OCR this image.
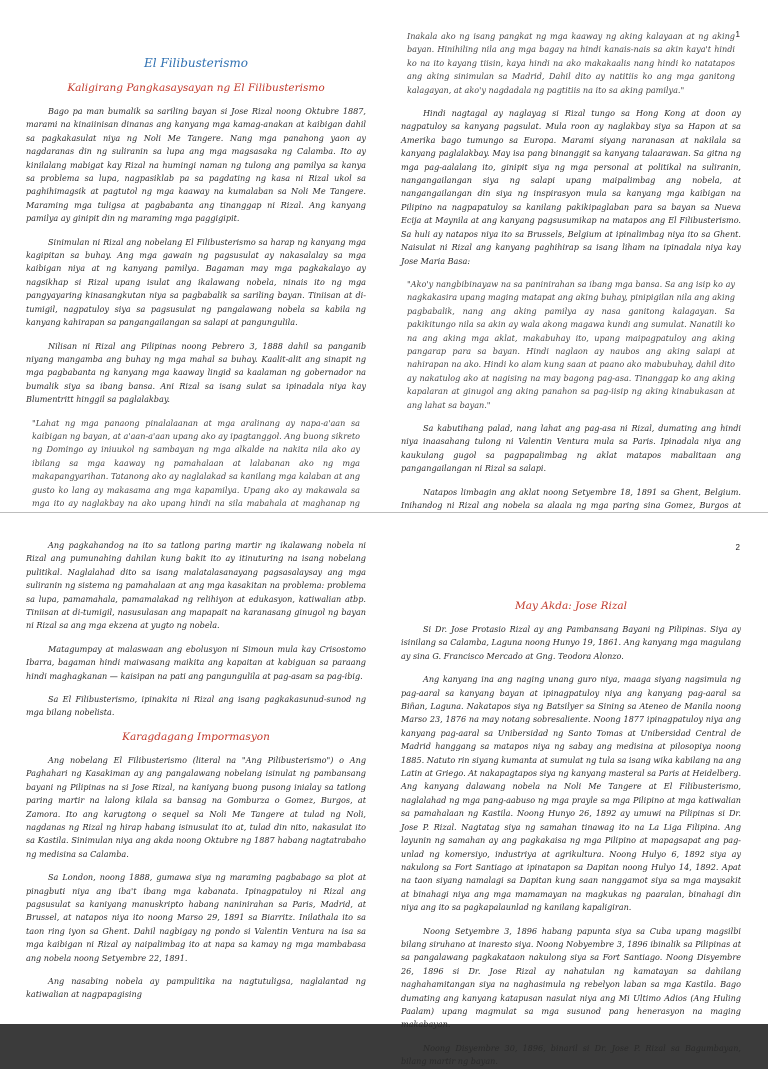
1
El Filibusterismo
Kaligirang Pangkasaysayan ng El Filibusterismo

Bago pa man bumalik sa sariling bayan si Jose Rizal noong Oktubre 1887, marami na kinaiinisan dinanas ang kanyang mga kamag-anakan at kaibigan dahil sa pagkakasulat niya ng Noli Me Tangere. Nang mga panahong yaon ay nagdaranas din ng suliranin sa lupa ang mga magsasaka ng Calamba. Ito ay kinilalang mabigat kay Rizal na humingi naman ng tulong ang pamilya sa kanya sa problema sa lupa, nagpasiklab pa sa pagdating ng kasa ni Rizal ukol sa paghihimagsik at pagtutol ng mga kaaway na kumalaban sa Noli Me Tangere. Maraming mga tuligsa at pagbabanta ang tinanggap ni Rizal. Ang kanyang pamilya ay ginipit din ng maraming mga paggigipit.

Sinimulan ni Rizal ang nobelang El Filibusterismo sa harap ng kanyang mga kagipitan sa buhay. Ang mga gawain ng pagsusulat ay nakasalalay sa mga kaibigan niya at ng kanyang pamilya. Bagaman may mga pagkakalayo ay nagsikhap si Rizal upang isulat ang ikalawang nobela, ninais ito ng mga pangyayaring kinasangkutan niya sa pagbabalik sa sariling bayan. Tiniisan at di-tumigil, nagpatuloy siya sa pagsusulat ng pangalawang nobela sa kabila ng kanyang kahirapan sa pangangailangan sa salapi at pangungulila.

Nilisan ni Rizal ang Pilipinas noong Pebrero 3, 1888 dahil sa panganib niyang mangamba ang buhay ng mga mahal sa buhay. Kaalit-alit ang sinapit ng mga pagbabanta ng kanyang mga kaaway lingid sa kaalaman ng gobernador na bumalik siya sa ibang bansa. Ani Rizal sa isang sulat sa ipinadala niya kay Blumentritt hinggil sa paglalakbay.

"Lahat ng mga panaong pinalalaanan at mga aralinang ay napa-a'aan sa kaibigan ng bayan, at a'aan-a'aan upang ako ay ipagtanggol. Ang buong sikreto ng Domingo ay iniuukol ng sambayan ng mga alkalde na nakita nila ako ay ibilang sa mga kaaway ng pamahalaan at lalabanan ako ng mga makapangyarihan. Tatanong ako ay naglalakad sa kanilang mga kalaban at ang gusto ko lang ay makasama ang mga kapamilya. Upang ako ay makawala sa mga ito ay naglakbay na ako upang hindi na sila mabahala at maghanap ng

Inakala ako ng isang pangkat ng mga kaaway ng aking kalayaan at ng aking bayan. Hinihiling nila ang mga bagay na hindi kanais-nais sa akin kaya't hindi ko na ito kayang tiisin, kaya hindi na ako makakaalis nang hindi ko natatapos ang aking sinimulan sa Madrid, Dahil dito ay natitiis ko ang mga ganitong kalagayan, at ako'y nagdadala ng pagtitiis na ito sa aking pamilya."

Hindi nagtagal ay naglayag si Rizal tungo sa Hong Kong at doon ay nagpatuloy sa kanyang pagsulat. Mula roon ay naglakbay siya sa Hapon at sa Amerika bago tumungo sa Europa. Marami siyang naranasan at nakilala sa kanyang paglalakbay. May isa pang binanggit sa kanyang talaarawan. Sa gitna ng mga pag-aalalang ito, ginipit siya ng mga personal at politikal na suliranin, nangangailangan siya ng salapi upang maipalimbag ang nobela, at nangangailangan din siya ng inspirasyon mula sa kanyang mga kaibigan na Pilipino na nagpapatuloy sa kanilang pakikipaglaban para sa bayan sa Nueva Ecija at Maynila at ang kanyang pagsusumikap na matapos ang El Filibusterismo. Sa huli ay natapos niya ito sa Brussels, Belgium at ipinalimbag niya ito sa Ghent. Naisulat ni Rizal ang kanyang paghihirap sa isang liham na ipinadala niya kay Jose Maria Basa:

"Ako'y nangbibinayaw na sa paninirahan sa ibang mga bansa. Sa ang isip ko ay nagkakasira upang maging matapat ang aking buhay, pinipigilan nila ang aking pagbabalik, nang ang aking pamilya ay nasa ganitong kalagayan. Sa pakikitungo nila sa akin ay wala akong magawa kundi ang sumulat. Nanatili ko na ang aking mga aklat, makabuhay ito, upang maipagpatuloy ang aking pangarap para sa bayan. Hindi naglaon ay naubos ang aking salapi at nahirapan na ako. Hindi ko alam kung saan at paano ako mabubuhay, dahil dito ay nakatulog ako at nagising na may bagong pag-asa. Tinanggap ko ang aking kapalaran at ginugol ang aking panahon sa pag-iisip ng aking kinabukasan at ang lahat sa bayan."

Sa kabutihang palad, nang lahat ang pag-asa ni Rizal, dumating ang hindi niya inaasahang tulong ni Valentin Ventura mula sa Paris. Ipinadala niya ang kaukulang gugol sa pagpapalimbag ng aklat matapos mabalitaan ang pangangailangan ni Rizal sa salapi.

Natapos limbagin ang aklat noong Setyembre 18, 1891 sa Ghent, Belgium. Inihandog ni Rizal ang nobela sa alaala ng mga paring sina Gomez, Burgos at

2

Ang pagkahandog na ito sa tatlong paring martir ng ikalawang nobela ni Rizal ang pumunahing dahilan kung bakit ito ay itinuturing na isang nobelang pulitikal. Naglalahad dito sa isang malatalasanayang pagsasalaysay ang mga suliranin ng sistema ng pamahalaan at ang mga kasakitan na problema: problema sa lupa, pamamahala, pamamalakad ng relihiyon at edukasyon, katiwalian atbp. Tiniisan at di-tumigil, nasusulasan ang mapapait na karanasang ginugol ng bayan ni Rizal sa ang mga ekzena at yugto ng nobela.

Matagumpay at malaswaan ang ebolusyon ni Simoun mula kay Crisostomo Ibarra, bagaman hindi maiwasang maikita ang kapaitan at kabiguan sa paraang hindi maghagkanan — kaisipan na pati ang pangungulila at pag-asam sa pag-ibig.

Sa El Filibusterismo, ipinakita ni Rizal ang isang pagkakasunud-sunod ng mga bilang nobelista.

Karagdagang Impormasyon

Ang nobelang El Filibusterismo (literal na "Ang Pilibusterismo") o Ang Paghahari ng Kasakiman ay ang pangalawang nobelang isinulat ng pambansang bayani ng Pilipinas na si Jose Rizal, na kaniyang buong pusong inialay sa tatlong paring martir na lalong kilala sa bansag na Gomburza o Gomez, Burgos, at Zamora. Ito ang karugtong o sequel sa Noli Me Tangere at tulad ng Noli, nagdanas ng Rizal ng hirap habang isinusulat ito at, tulad din nito, nakasulat ito sa Kastila. Sinimulan niya ang akda noong Oktubre ng 1887 habang nagtatrabaho ng medisina sa Calamba.

Sa London, noong 1888, gumawa siya ng maraming pagbabago sa plot at pinagbuti niya ang iba't ibang mga kabanata. Ipinagpatuloy ni Rizal ang pagsusulat sa kaniyang manuskripto habang naninirahan sa Paris, Madrid, at Brussel, at natapos niya ito noong Marso 29, 1891 sa Biarritz. Inilathala ito sa taon ring iyon sa Ghent. Dahil nagbigay ng pondo si Valentin Ventura na isa sa mga kaibigan ni Rizal ay naipalimbag ito at napa sa kamay ng mga mambabasa ang nobela noong Setyembre 22, 1891.

Ang nasabing nobela ay pampulitika na nagtutuligsa, naglalantad ng katiwalian at nagpapagising

May Akda: Jose Rizal

Si Dr. Jose Protasio Rizal ay ang Pambansang Bayani ng Pilipinas. Siya ay isinilang sa Calamba, Laguna noong Hunyo 19, 1861. Ang kanyang mga magulang ay sina G. Francisco Mercado at Gng. Teodora Alonzo.

Ang kanyang ina ang naging unang guro niya, maaga siyang nagsimula ng pag-aaral sa kanyang bayan at ipinagpatuloy niya ang kanyang pag-aaral sa Biñan, Laguna. Nakatapos siya ng Batsilyer sa Sining sa Ateneo de Manila noong Marso 23, 1876 na may notang sobresaliente. Noong 1877 ipinagpatuloy niya ang kanyang pag-aaral sa Unibersidad ng Santo Tomas at Unibersidad Central de Madrid hanggang sa matapos niya ng sabay ang medisina at pilosopiya noong 1885. Natuto rin siyang kumanta at sumulat ng tula sa isang wika kabilang na ang Latin at Griego. At nakapagtapos siya ng kanyang masteral sa Paris at Heidelberg. Ang kanyang dalawang nobela na Noli Me Tangere at El Filibusterismo, naglalahad ng mga pang-aabuso ng mga prayle sa mga Pilipino at mga katiwalian sa pamahalaan ng Kastila. Noong Hunyo 26, 1892 ay umuwi na Pilipinas si Dr. Jose P. Rizal. Nagtatag siya ng samahan tinawag ito na La Liga Filipina. Ang layunin ng samahan ay ang pagkakaisa ng mga Pilipino at mapagsapat ang pag-unlad ng komersiyo, industriya at agrikultura. Noong Hulyo 6, 1892 siya ay nakulong sa Fort Santiago at ipinatapon sa Dapitan noong Hulyo 14, 1892. Apat na taon siyang namalagi sa Dapitan kung saan nanggamot siya sa mga maysakit at binahagi niya ang mga mamamayan na magkukas ng paaralan, binahagi din niya ang ito sa pagkapalaunlad ng kanilang kapaligiran.

Noong Setyembre 3, 1896 habang papunta siya sa Cuba upang magsilbi bilang siruhano at inaresto siya. Noong Nobyembre 3, 1896 ibinalik sa Pilipinas at sa pangalawang pagkakataon nakulong siya sa Fort Santiago. Noong Disyembre 26, 1896 si Dr. Jose Rizal ay nahatulan ng kamatayan sa dahilang naghahamitangan siya na naghasimula ng rebelyon laban sa mga Kastila. Bago dumating ang kanyang katapusan nasulat niya ang Mi Ultimo Adios (Ang Huling Paalam) upang magmulat sa mga susunod pang henerasyon na maging makabayan.

Noong Disyembre 30, 1896, binaril si Dr. Jose P. Rizal sa Bagumbayan, bilang martir ng bayan.
